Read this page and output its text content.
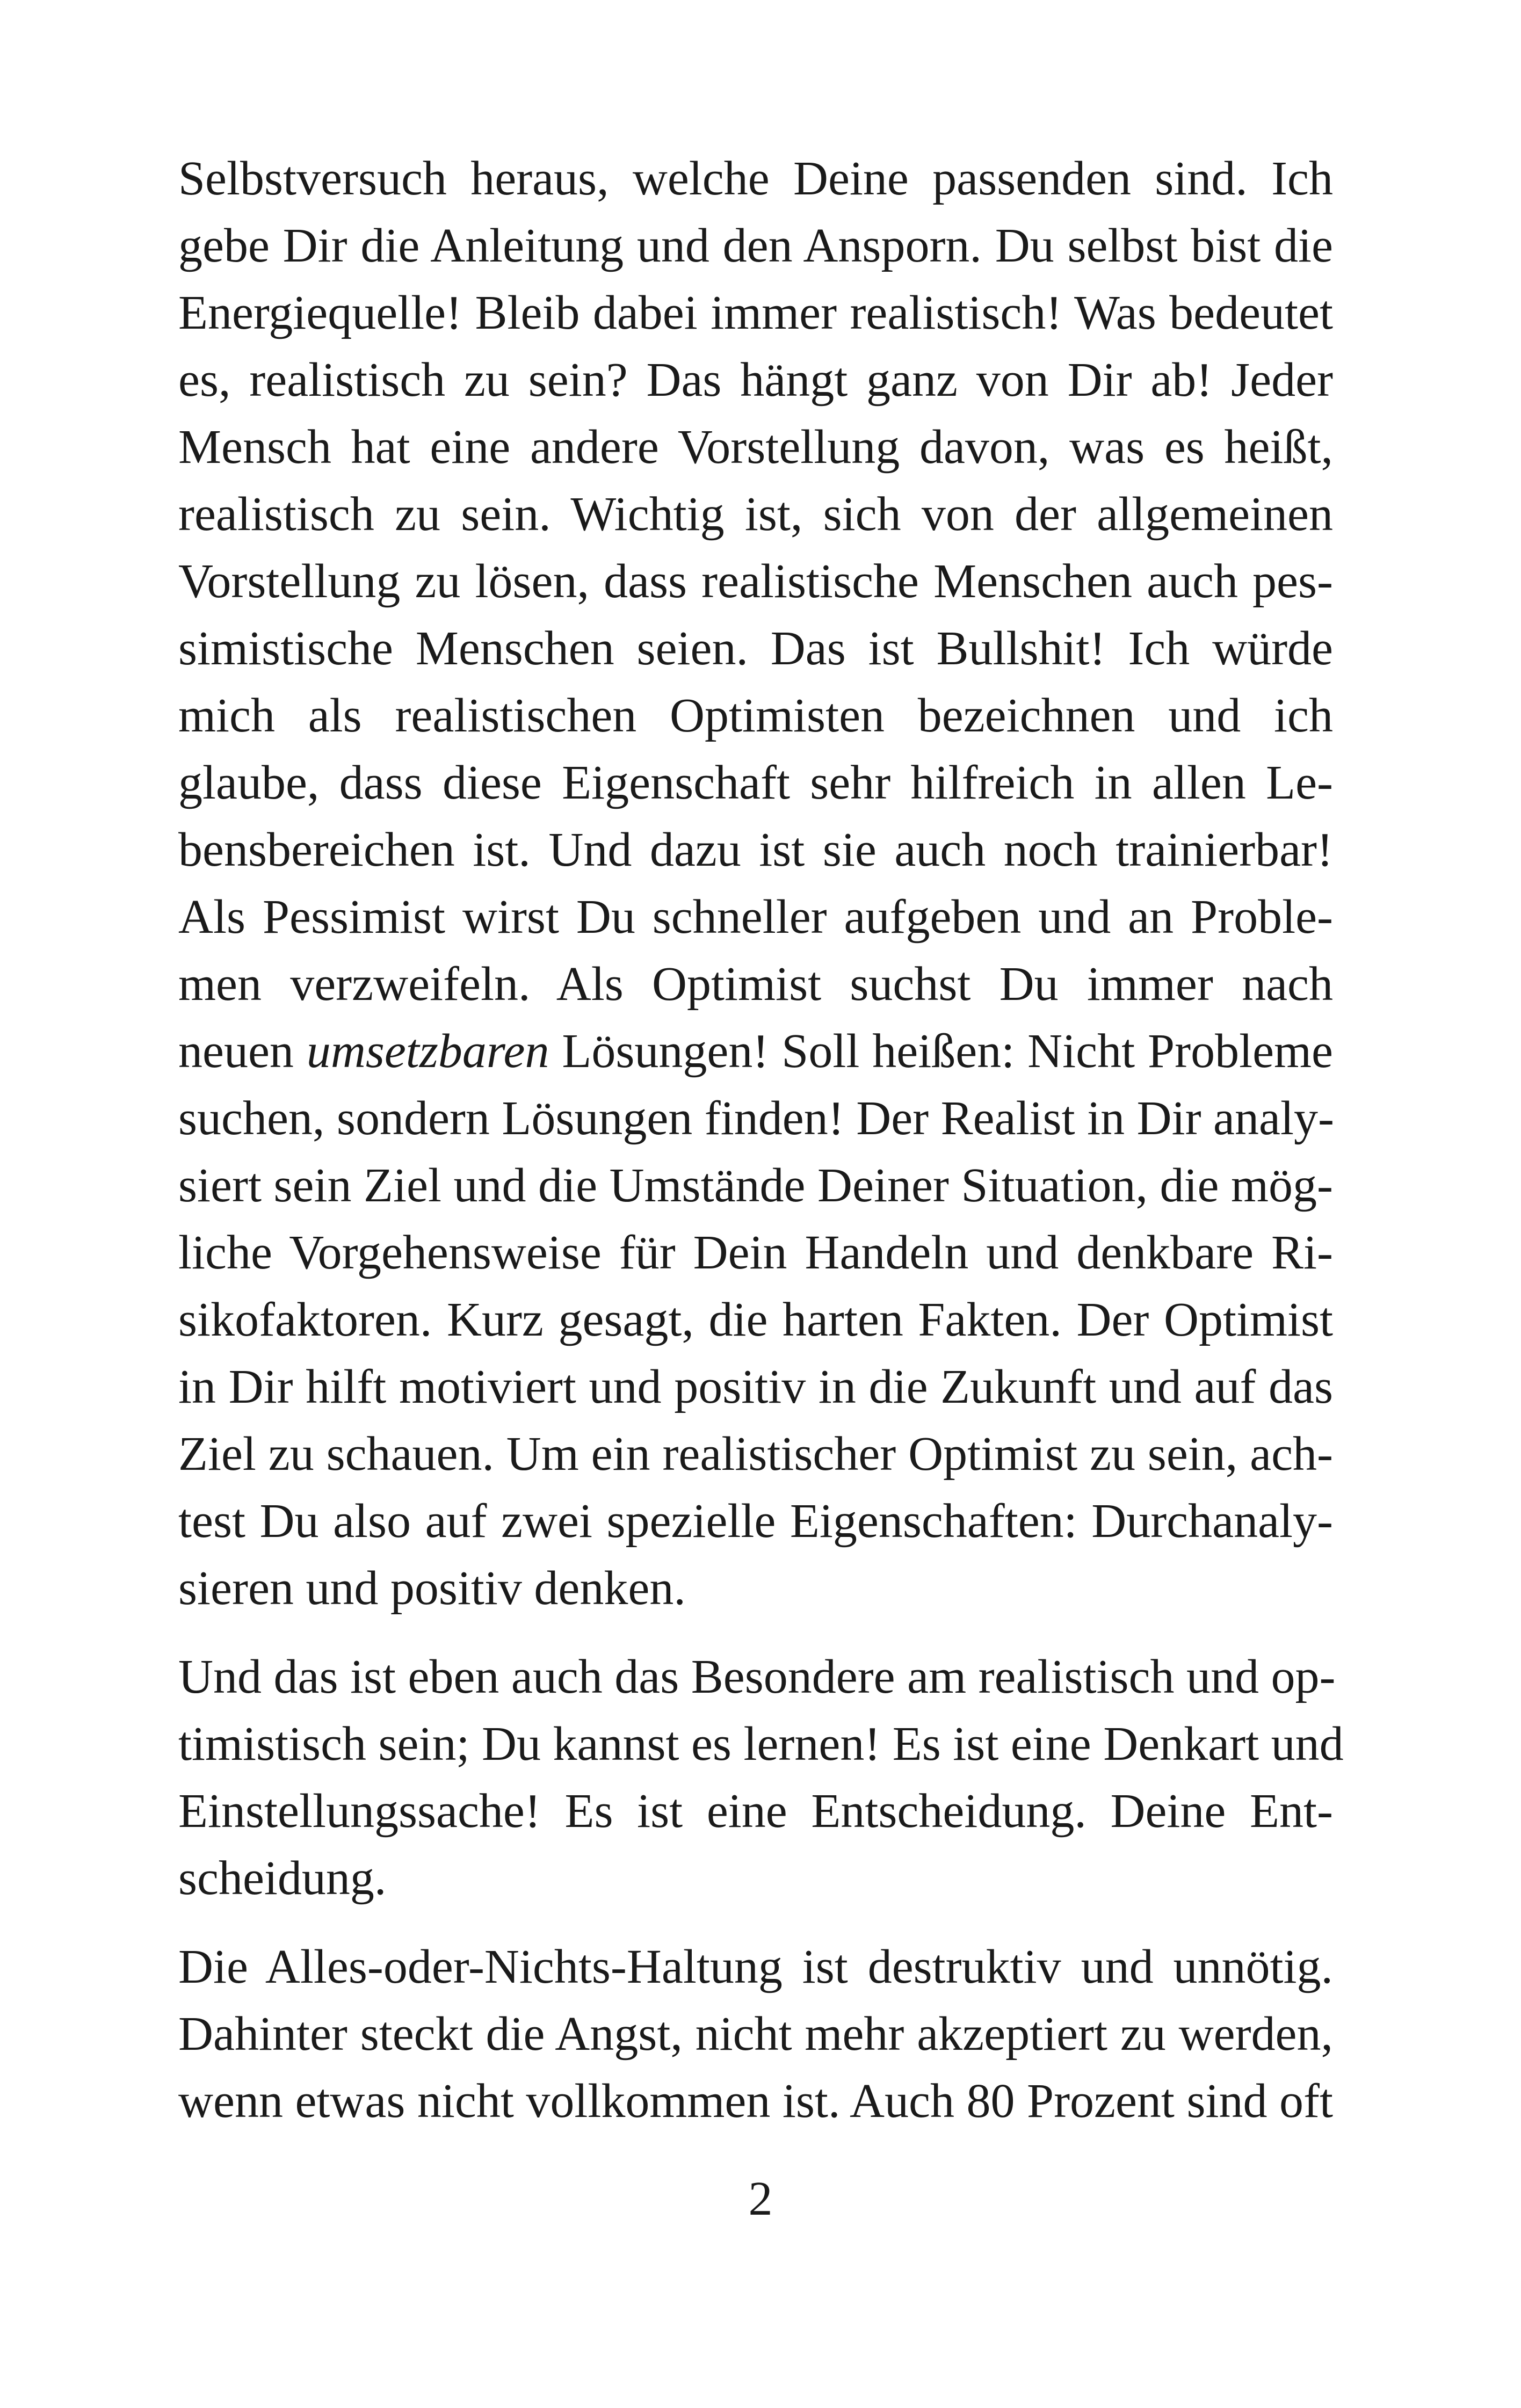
Selbstversuch heraus, welche Deine passenden sind. Ich
gebe Dir die Anleitung und den Ansporn. Du selbst bist die
Energiequelle! Bleib dabei immer realistisch! Was bedeutet
es, realistisch zu sein? Das hängt ganz von Dir ab! Jeder
Mensch hat eine andere Vorstellung davon, was es heißt,
realistisch zu sein. Wichtig ist, sich von der allgemeinen
Vorstellung zu lösen, dass realistische Menschen auch pes-
simistische Menschen seien. Das ist Bullshit! Ich würde
mich als realistischen Optimisten bezeichnen und ich
glaube, dass diese Eigenschaft sehr hilfreich in allen Le-
bensbereichen ist. Und dazu ist sie auch noch trainierbar!
Als Pessimist wirst Du schneller aufgeben und an Proble-
men verzweifeln. Als Optimist suchst Du immer nach
neuen umsetzbaren Lösungen! Soll heißen: Nicht Probleme
suchen, sondern Lösungen finden! Der Realist in Dir analy-
siert sein Ziel und die Umstände Deiner Situation, die mög-
liche Vorgehensweise für Dein Handeln und denkbare Ri-
sikofaktoren. Kurz gesagt, die harten Fakten. Der Optimist
in Dir hilft motiviert und positiv in die Zukunft und auf das
Ziel zu schauen. Um ein realistischer Optimist zu sein, ach-
test Du also auf zwei spezielle Eigenschaften: Durchanaly-
sieren und positiv denken.
Und das ist eben auch das Besondere am realistisch und op-
timistisch sein; Du kannst es lernen! Es ist eine Denkart und
Einstellungssache! Es ist eine Entscheidung. Deine Ent-
scheidung.
Die Alles-oder-Nichts-Haltung ist destruktiv und unnötig.
Dahinter steckt die Angst, nicht mehr akzeptiert zu werden,
wenn etwas nicht vollkommen ist. Auch 80 Prozent sind oft
2
